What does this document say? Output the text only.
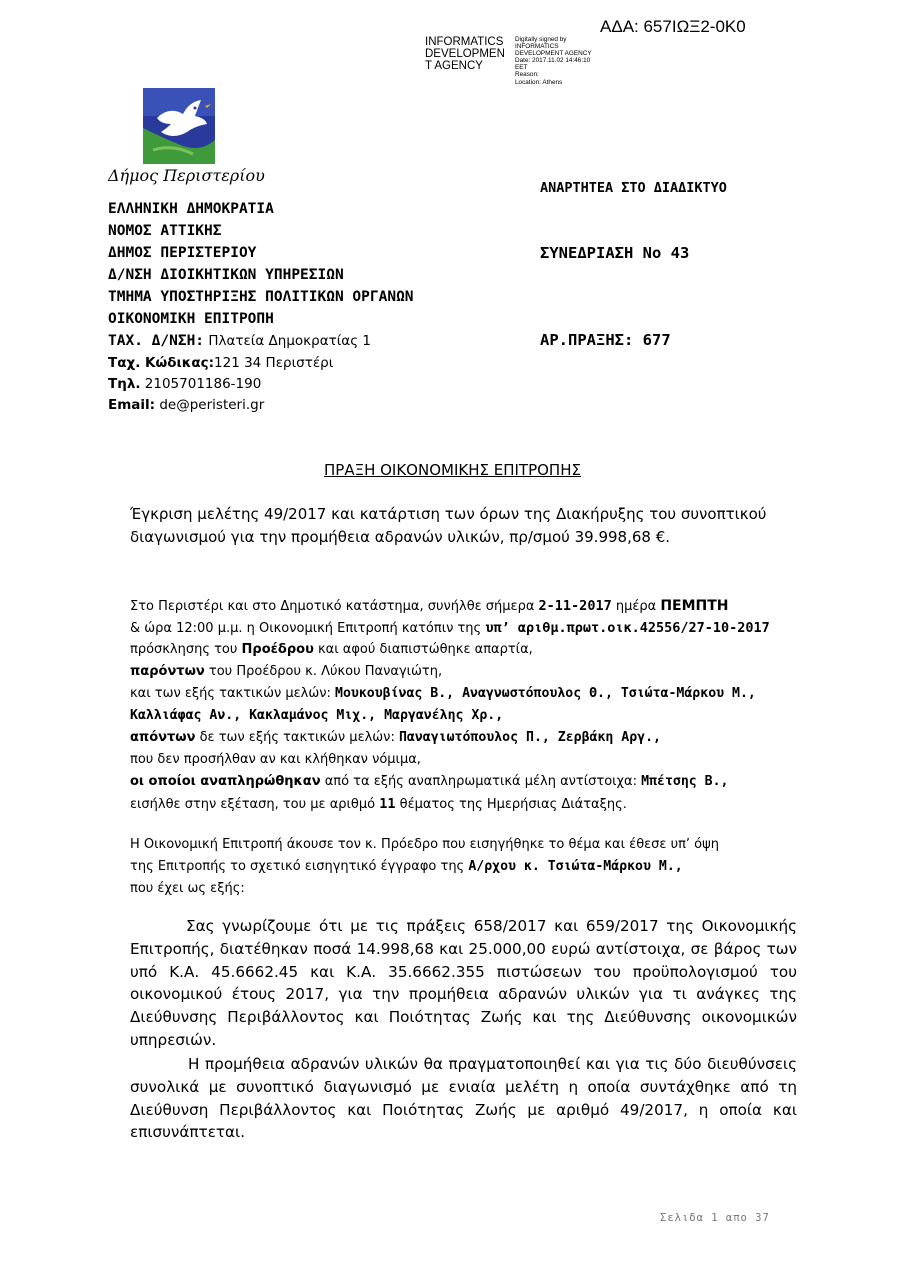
ΑΔΑ: 657ΙΩΞ2-0Κ0
INFORMATICS
DEVELOPMEN
T AGENCY
Digitally signed by
INFORMATICS
DEVELOPMENT AGENCY
Date: 2017.11.02 14:46:10
EET
Reason:
Location: Athens
Δήμος Περιστερίου
ΑΝΑΡΤΗΤΕΑ ΣΤΟ ΔΙΑΔΙΚΤΥΟ
ΕΛΛΗΝΙΚΗ ΔΗΜΟΚΡΑΤΙΑ
ΝΟΜΟΣ ΑΤΤΙΚΗΣ
ΔΗΜΟΣ ΠΕΡΙΣΤΕΡΙΟΥ
Δ/ΝΣΗ ΔΙΟΙΚΗΤΙΚΩΝ ΥΠΗΡΕΣΙΩΝ
ΤΜΗΜΑ ΥΠΟΣΤΗΡΙΞΗΣ ΠΟΛΙΤΙΚΩΝ ΟΡΓΑΝΩΝ
ΟΙΚΟΝΟΜΙΚΗ ΕΠΙΤΡΟΠΗ
ΣΥΝΕΔΡΙΑΣΗ Νο 43
ΤΑΧ. Δ/ΝΣΗ: Πλατεία Δημοκρατίας 1	ΑΡ.ΠΡΑΞΗΣ: 677
Ταχ. Κώδικας:121 34 Περιστέρι
Τηλ. 2105701186-190
Email: de@peristeri.gr
ΠΡΑΞΗ ΟΙΚΟΝΟΜΙΚΗΣ ΕΠΙΤΡΟΠΗΣ
Έγκριση μελέτης 49/2017 και κατάρτιση των όρων της Διακήρυξης του συνοπτικού διαγωνισμού για την προμήθεια αδρανών υλικών, πρ/σμού 39.998,68 €.
Στο Περιστέρι και στο Δημοτικό κατάστημα, συνήλθε σήμερα 2-11-2017 ημέρα ΠΕΜΠΤΗ
& ώρα 12:00 μ.μ. η Οικονομική Επιτροπή κατόπιν της υπ’ αριθμ.πρωτ.οικ.42556/27-10-2017
πρόσκλησης του Προέδρου και αφού διαπιστώθηκε απαρτία,
παρόντων του Προέδρου κ. Λύκου Παναγιώτη,
και των εξής τακτικών μελών: Μουκουβίνας Β., Αναγνωστόπουλος Θ., Τσιώτα-Μάρκου Μ.,
Καλλιάφας Αν., Κακλαμάνος Μιχ., Μαργανέλης Χρ.,
απόντων δε των εξής τακτικών μελών: Παναγιωτόπουλος Π., Ζερβάκη Αργ.,
που δεν προσήλθαν αν και κλήθηκαν νόμιμα,
οι οποίοι αναπληρώθηκαν από τα εξής αναπληρωματικά μέλη αντίστοιχα: Μπέτσης Β.,
εισήλθε στην εξέταση, του με αριθμό 11 θέματος της Ημερήσιας Διάταξης.
Η Οικονομική Επιτροπή άκουσε τον κ. Πρόεδρο που εισηγήθηκε το θέμα και έθεσε υπ’ όψη
της Επιτροπής το σχετικό εισηγητικό έγγραφο της Α/ρχου κ. Τσιώτα-Μάρκου Μ.,
που έχει ως εξής:
Σας γνωρίζουμε ότι με τις πράξεις 658/2017 και 659/2017 της Οικονομικής Επιτροπής, διατέθηκαν ποσά 14.998,68 και 25.000,00 ευρώ αντίστοιχα, σε βάρος των υπό Κ.Α. 45.6662.45 και Κ.Α. 35.6662.355 πιστώσεων του προϋπολογισμού του οικονομικού έτους 2017, για την προμήθεια αδρανών υλικών για τι ανάγκες της Διεύθυνσης Περιβάλλοντος και Ποιότητας Ζωής και της Διεύθυνσης οικονομικών υπηρεσιών.
Η προμήθεια αδρανών υλικών θα πραγματοποιηθεί και για τις δύο διευθύνσεις συνολικά με συνοπτικό διαγωνισμό με ενιαία μελέτη η οποία συντάχθηκε από τη Διεύθυνση Περιβάλλοντος και Ποιότητας Ζωής με αριθμό 49/2017, η οποία και επισυνάπτεται.
Σελιδα 1 απο 37
